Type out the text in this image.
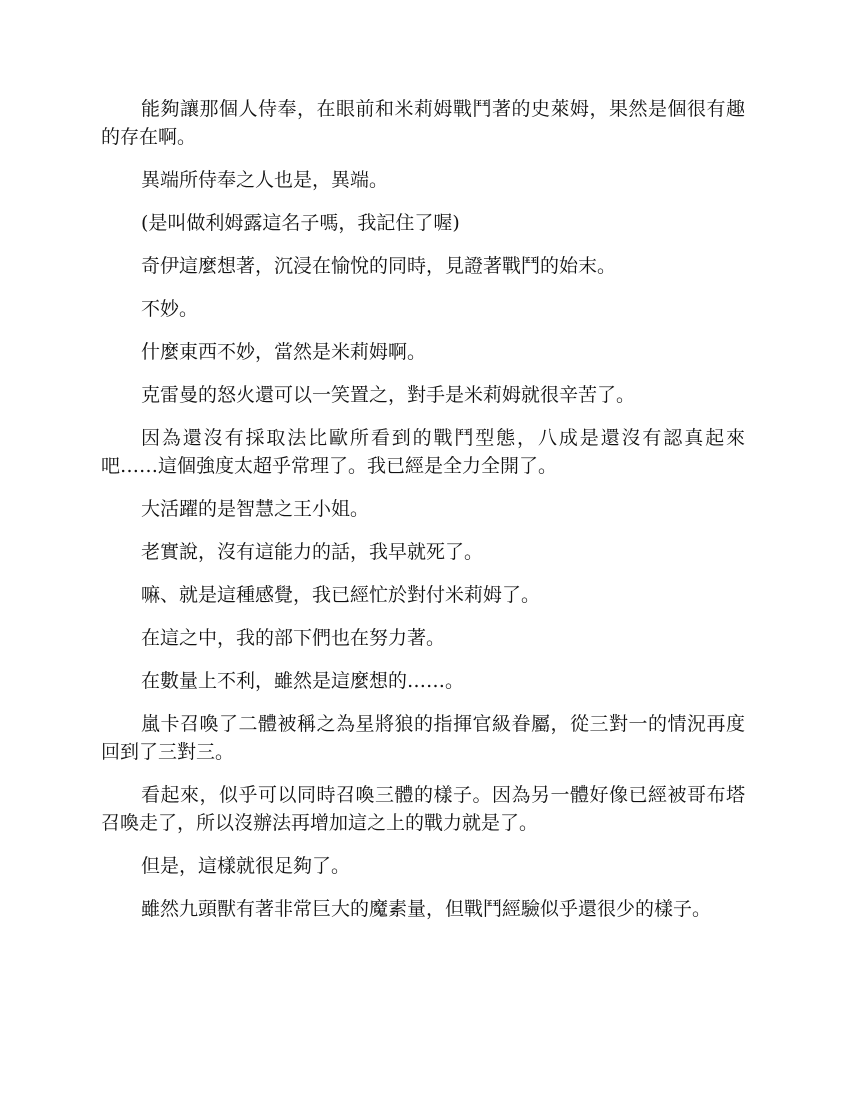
能夠讓那個人侍奉，在眼前和米莉姆戰鬥著的史萊姆，果然是個很有趣的存在啊。

異端所侍奉之人也是，異端。

(是叫做利姆露這名子嗎，我記住了喔)

奇伊這麼想著，沉浸在愉悅的同時，見證著戰鬥的始末。

不妙。

什麼東西不妙，當然是米莉姆啊。

克雷曼的怒火還可以一笑置之，對手是米莉姆就很辛苦了。

因為還沒有採取法比歐所看到的戰鬥型態，八成是還沒有認真起來吧……這個強度太超乎常理了。我已經是全力全開了。

大活躍的是智慧之王小姐。

老實說，沒有這能力的話，我早就死了。

嘛、就是這種感覺，我已經忙於對付米莉姆了。

在這之中，我的部下們也在努力著。

在數量上不利，雖然是這麼想的……。

嵐卡召喚了二體被稱之為星將狼的指揮官級眷屬，從三對一的情況再度回到了三對三。

看起來，似乎可以同時召喚三體的樣子。因為另一體好像已經被哥布塔召喚走了，所以沒辦法再增加這之上的戰力就是了。

但是，這樣就很足夠了。

雖然九頭獸有著非常巨大的魔素量，但戰鬥經驗似乎還很少的樣子。
